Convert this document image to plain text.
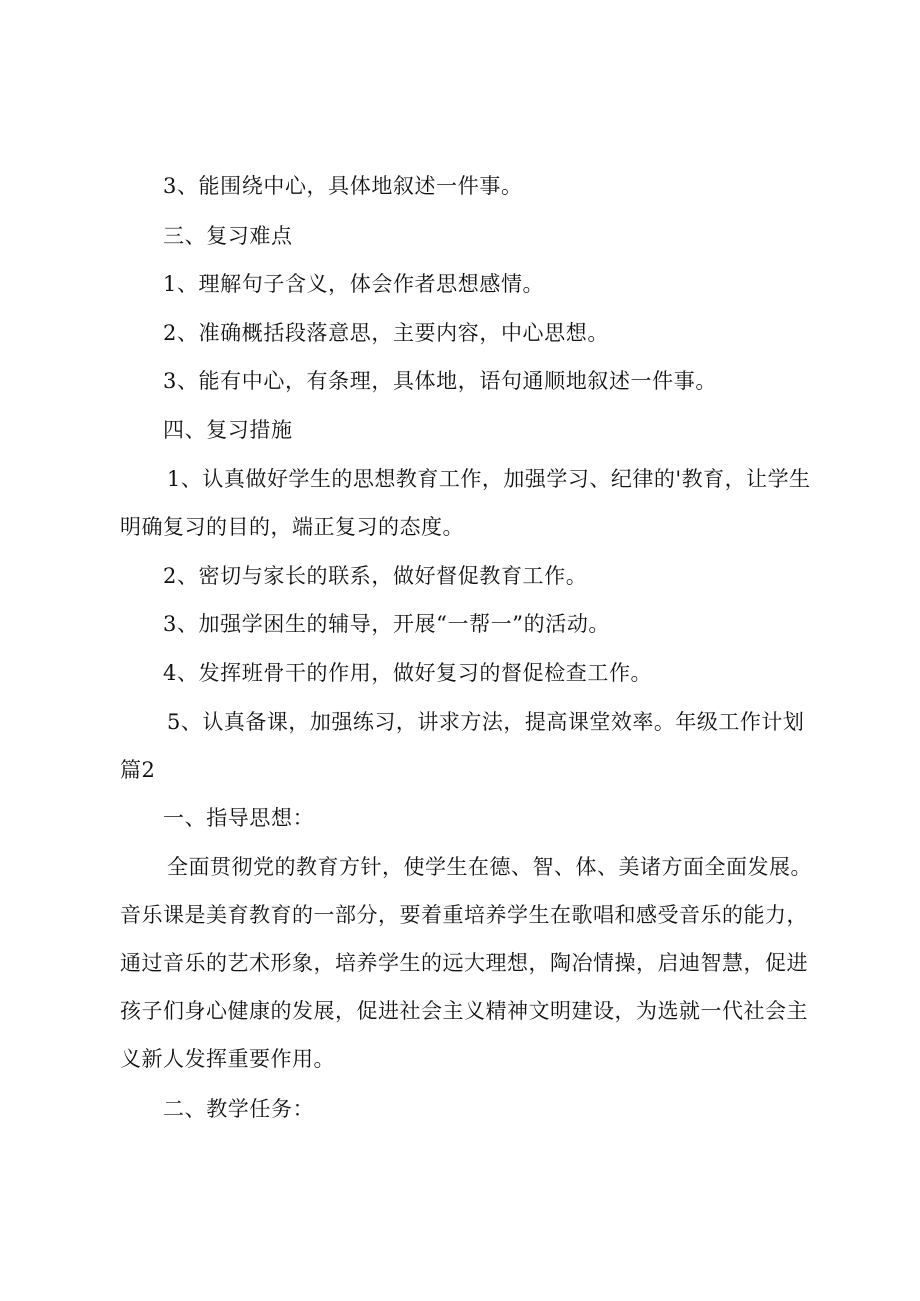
3、能围绕中心，具体地叙述一件事。
三、复习难点
1、理解句子含义，体会作者思想感情。
2、准确概括段落意思，主要内容，中心思想。
3、能有中心，有条理，具体地，语句通顺地叙述一件事。
四、复习措施
1、认真做好学生的思想教育工作，加强学习、纪律的'教育，让学生明确复习的目的，端正复习的态度。
2、密切与家长的联系，做好督促教育工作。
3、加强学困生的辅导，开展“一帮一”的活动。
4、发挥班骨干的作用，做好复习的督促检查工作。
5、认真备课，加强练习，讲求方法，提高课堂效率。年级工作计划篇2
一、指导思想：
全面贯彻党的教育方针，使学生在德、智、体、美诸方面全面发展。音乐课是美育教育的一部分，要着重培养学生在歌唱和感受音乐的能力，通过音乐的艺术形象，培养学生的远大理想，陶冶情操，启迪智慧，促进孩子们身心健康的发展，促进社会主义精神文明建设，为选就一代社会主义新人发挥重要作用。
二、教学任务：
